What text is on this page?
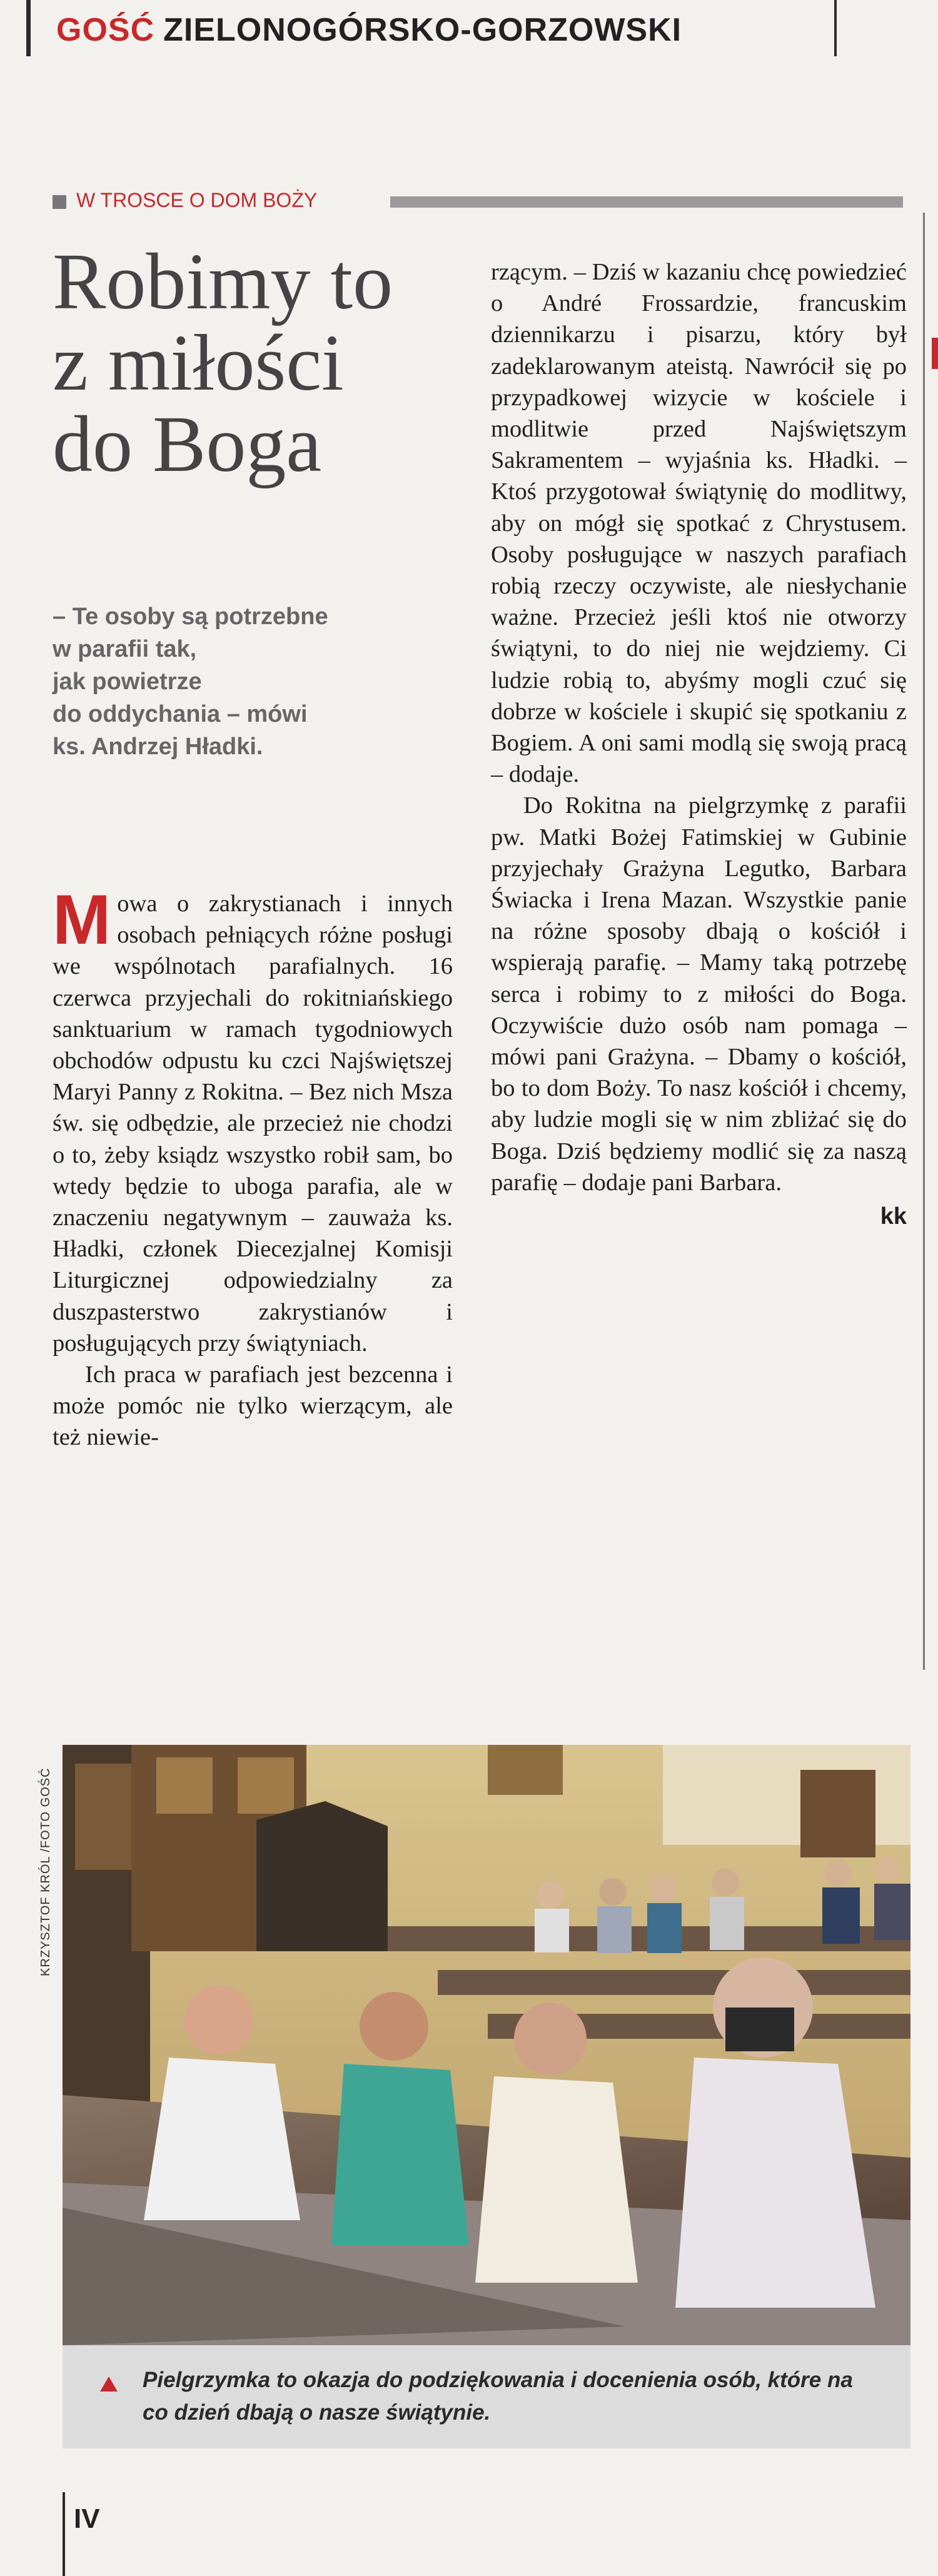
GOŚĆ ZIELONOGÓRSKO-GORZOWSKI
W TROSCE O DOM BOŻY
Robimy to
z miłości
do Boga

– Te osoby są potrzebne
w parafii tak,
jak powietrze
do oddychania – mówi
ks. Andrzej Hładki.

Mowa o zakrystianach i innych osobach pełniących różne posługi we wspólnotach parafialnych. 16 czerwca przyjechali do rokitniańskiego sanktuarium w ramach tygodniowych obchodów odpustu ku czci Najświętszej Maryi Panny z Rokitna. – Bez nich Msza św. się odbędzie, ale przecież nie chodzi o to, żeby ksiądz wszystko robił sam, bo wtedy będzie to uboga parafia, ale w znaczeniu negatywnym – zauważa ks. Hładki, członek Diecezjalnej Komisji Liturgicznej odpowiedzialny za duszpasterstwo zakrystianów i posługujących przy świątyniach.

Ich praca w parafiach jest bezcenna i może pomóc nie tylko wierzącym, ale też niewie-

rzącym. – Dziś w kazaniu chcę powiedzieć o André Frossardzie, francuskim dziennikarzu i pisarzu, który był zadeklarowanym ateistą. Nawrócił się po przypadkowej wizycie w kościele i modlitwie przed Najświętszym Sakramentem – wyjaśnia ks. Hładki. – Ktoś przygotował świątynię do modlitwy, aby on mógł się spotkać z Chrystusem. Osoby posługujące w naszych parafiach robią rzeczy oczywiste, ale niesłychanie ważne. Przecież jeśli ktoś nie otworzy świątyni, to do niej nie wejdziemy. Ci ludzie robią to, abyśmy mogli czuć się dobrze w kościele i skupić się spotkaniu z Bogiem. A oni sami modlą się swoją pracą – dodaje.

Do Rokitna na pielgrzymkę z parafii pw. Matki Bożej Fatimskiej w Gubinie przyjechały Grażyna Legutko, Barbara Świacka i Irena Mazan. Wszystkie panie na różne sposoby dbają o kościół i wspierają parafię. – Mamy taką potrzebę serca i robimy to z miłości do Boga. Oczywiście dużo osób nam pomaga – mówi pani Grażyna. – Dbamy o kościół, bo to dom Boży. To nasz kościół i chcemy, aby ludzie mogli się w nim zbliżać się do Boga. Dziś będziemy modlić się za naszą parafię – dodaje pani Barbara.

kk
KRZYSZTOF KRÓL /FOTO GOŚĆ

Pielgrzymka to okazja do podziękowania i docenienia osób, które na co dzień dbają o nasze świątynie.

IV
